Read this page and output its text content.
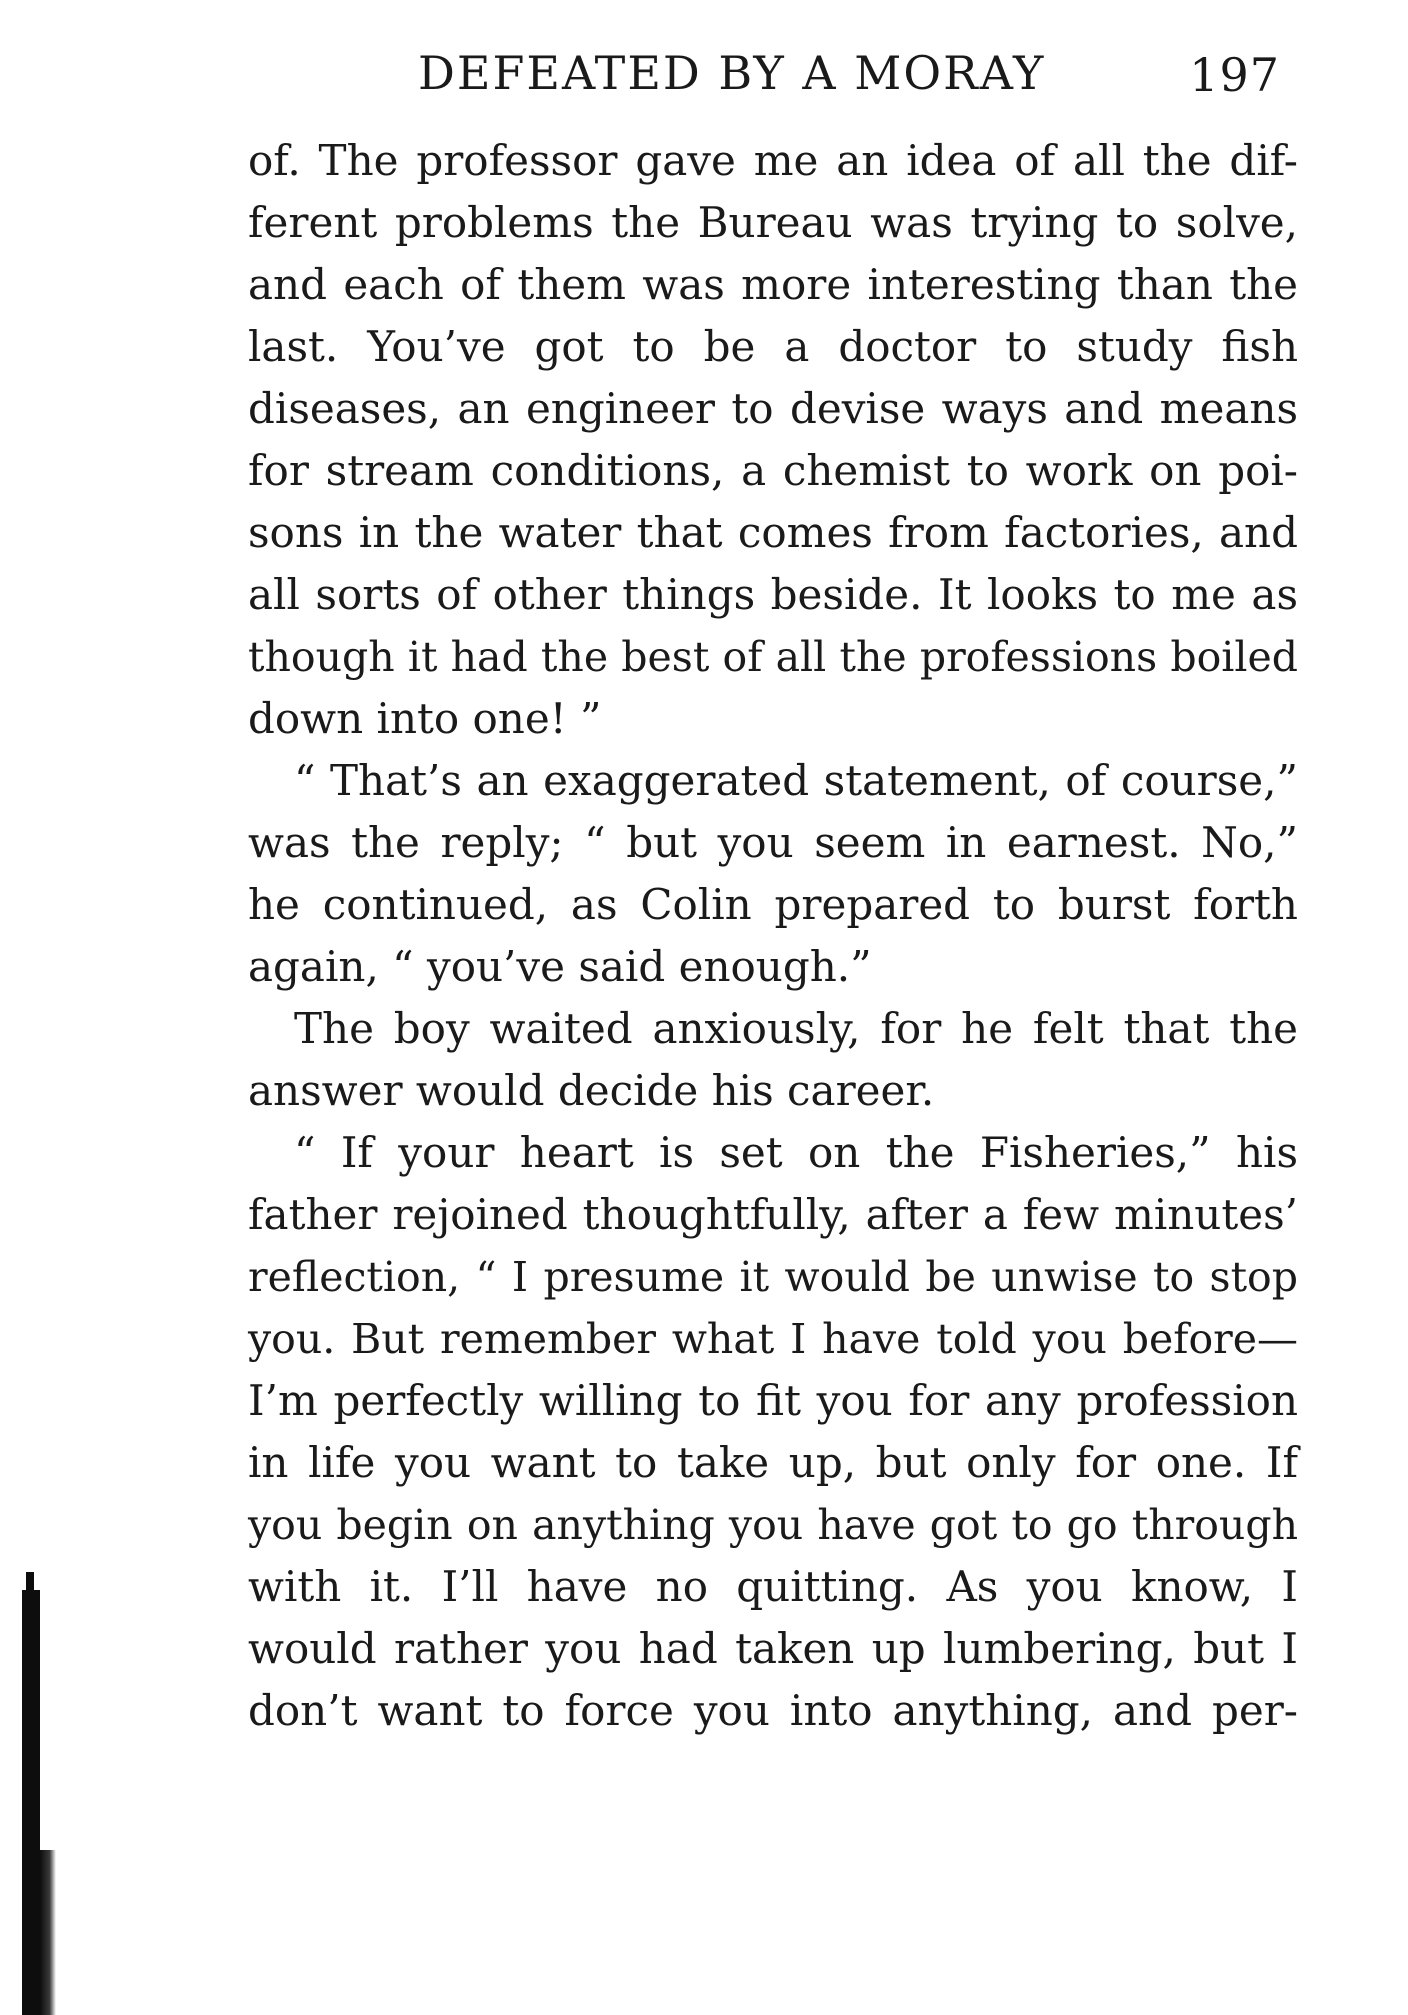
DEFEATED BY A MORAY	197
of. The professor gave me an idea of all the dif-
ferent problems the Bureau was trying to solve,
and each of them was more interesting than the
last. You’ve got to be a doctor to study fish
diseases, an engineer to devise ways and means
for stream conditions, a chemist to work on poi-
sons in the water that comes from factories, and
all sorts of other things beside. It looks to me as
though it had the best of all the professions boiled
down into one! ”
“ That’s an exaggerated statement, of course,”
was the reply; “ but you seem in earnest. No,”
he continued, as Colin prepared to burst forth
again, “ you’ve said enough.”
The boy waited anxiously, for he felt that the
answer would decide his career.
“ If your heart is set on the Fisheries,” his
father rejoined thoughtfully, after a few minutes’
reflection, “ I presume it would be unwise to stop
you. But remember what I have told you before—
I’m perfectly willing to fit you for any profession
in life you want to take up, but only for one. If
you begin on anything you have got to go through
with it. I’ll have no quitting. As you know, I
would rather you had taken up lumbering, but I
don’t want to force you into anything, and per-
